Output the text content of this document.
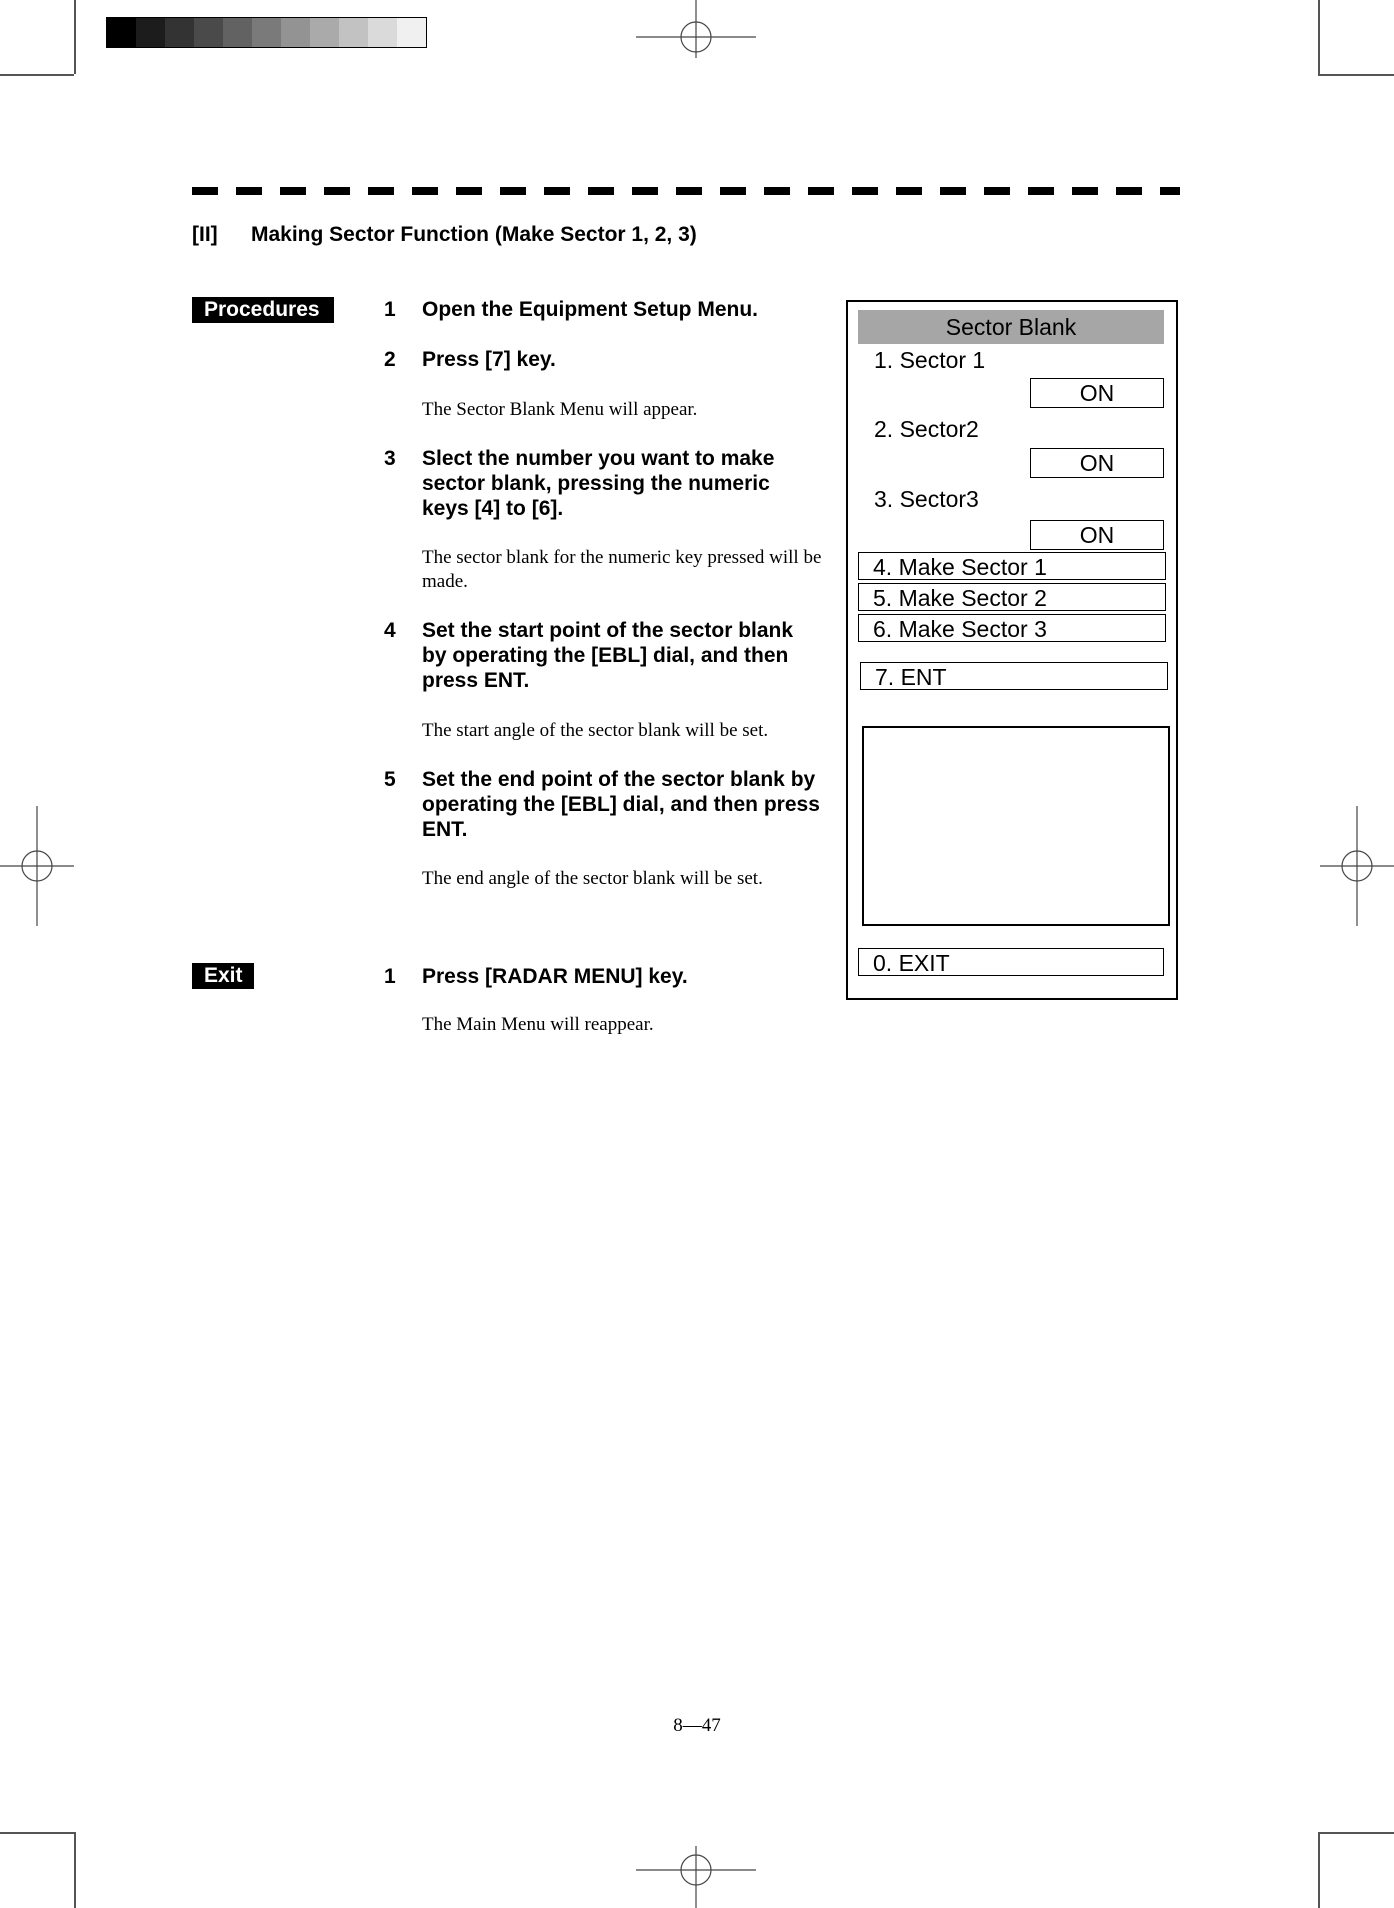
[II] Making Sector Function (Make Sector 1, 2, 3)
Procedures	1 Open the Equipment Setup Menu.
2 Press [7] key.
The Sector Blank Menu will appear.
3 Slect the number you want to make sector blank, pressing the numeric keys [4] to [6].
The sector blank for the numeric key pressed will be made.
4 Set the start point of the sector blank by operating the [EBL] dial, and then press ENT.
The start angle of the sector blank will be set.
5 Set the end point of the sector blank by operating the [EBL] dial, and then press ENT.
The end angle of the sector blank will be set.
Exit	1 Press [RADAR MENU] key.
The Main Menu will reappear.
Sector Blank
1. Sector 1
ON
2. Sector2
ON
3. Sector3
ON
4. Make Sector 1
5. Make Sector 2
6. Make Sector 3
7. ENT
0. EXIT
8—47
